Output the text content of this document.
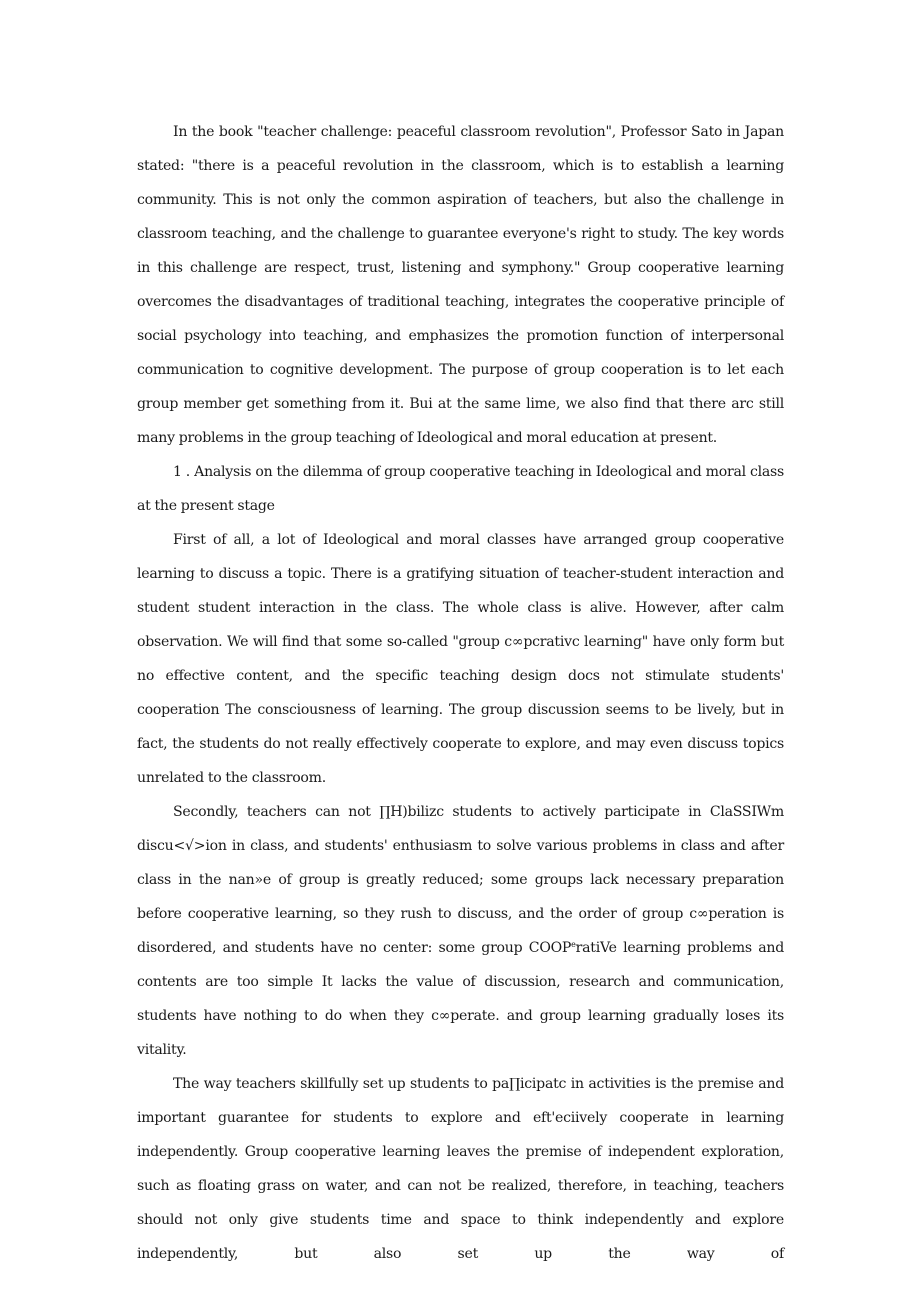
In the book "teacher challenge: peaceful classroom revolution", Professor Sato in Japan stated: "there is a peaceful revolution in the classroom, which is to establish a learning community. This is not only the common aspiration of teachers, but also the challenge in classroom teaching, and the challenge to guarantee everyone's right to study. The key words in this challenge are respect, trust, listening and symphony." Group cooperative learning overcomes the disadvantages of traditional teaching, integrates the cooperative principle of social psychology into teaching, and emphasizes the promotion function of interpersonal communication to cognitive development. The purpose of group cooperation is to let each group member get something from it. Bui at the same lime, we also find that there arc still many problems in the group teaching of Ideological and moral education at present.

1 . Analysis on the dilemma of group cooperative teaching in Ideological and moral class at the present stage

First of all, a lot of Ideological and moral classes have arranged group cooperative learning to discuss a topic. There is a gratifying situation of teacher-student interaction and student student interaction in the class. The whole class is alive. However, after calm observation. We will find that some so-called "group c∞pcrativc learning" have only form but no effective content, and the specific teaching design docs not stimulate students' cooperation The consciousness of learning. The group discussion seems to be lively, but in fact, the students do not really effectively cooperate to explore, and may even discuss topics unrelated to the classroom.

Secondly, teachers can not ∏H)bilizc students to actively participate in ClaSSIWm discu<√>ion in class, and students' enthusiasm to solve various problems in class and after class in the nan»e of group is greatly reduced; some groups lack necessary preparation before cooperative learning, so they rush to discuss, and the order of group c∞peration is disordered, and students have no center: some group COOP$^e$ratiVe learning problems and contents are too simple It lacks the value of discussion, research and communication, students have nothing to do when they c∞perate. and group learning gradually loses its vitality.

The way teachers skillfully set up students to pa∏icipatc in activities is the premise and important guarantee for students to explore and eft'eciively cooperate in learning independently. Group cooperative learning leaves the premise of independent exploration, such as floating grass on water, and can not be realized, therefore, in teaching, teachers should not only give students time and space to think independently and explore independently, but also set up the way of
